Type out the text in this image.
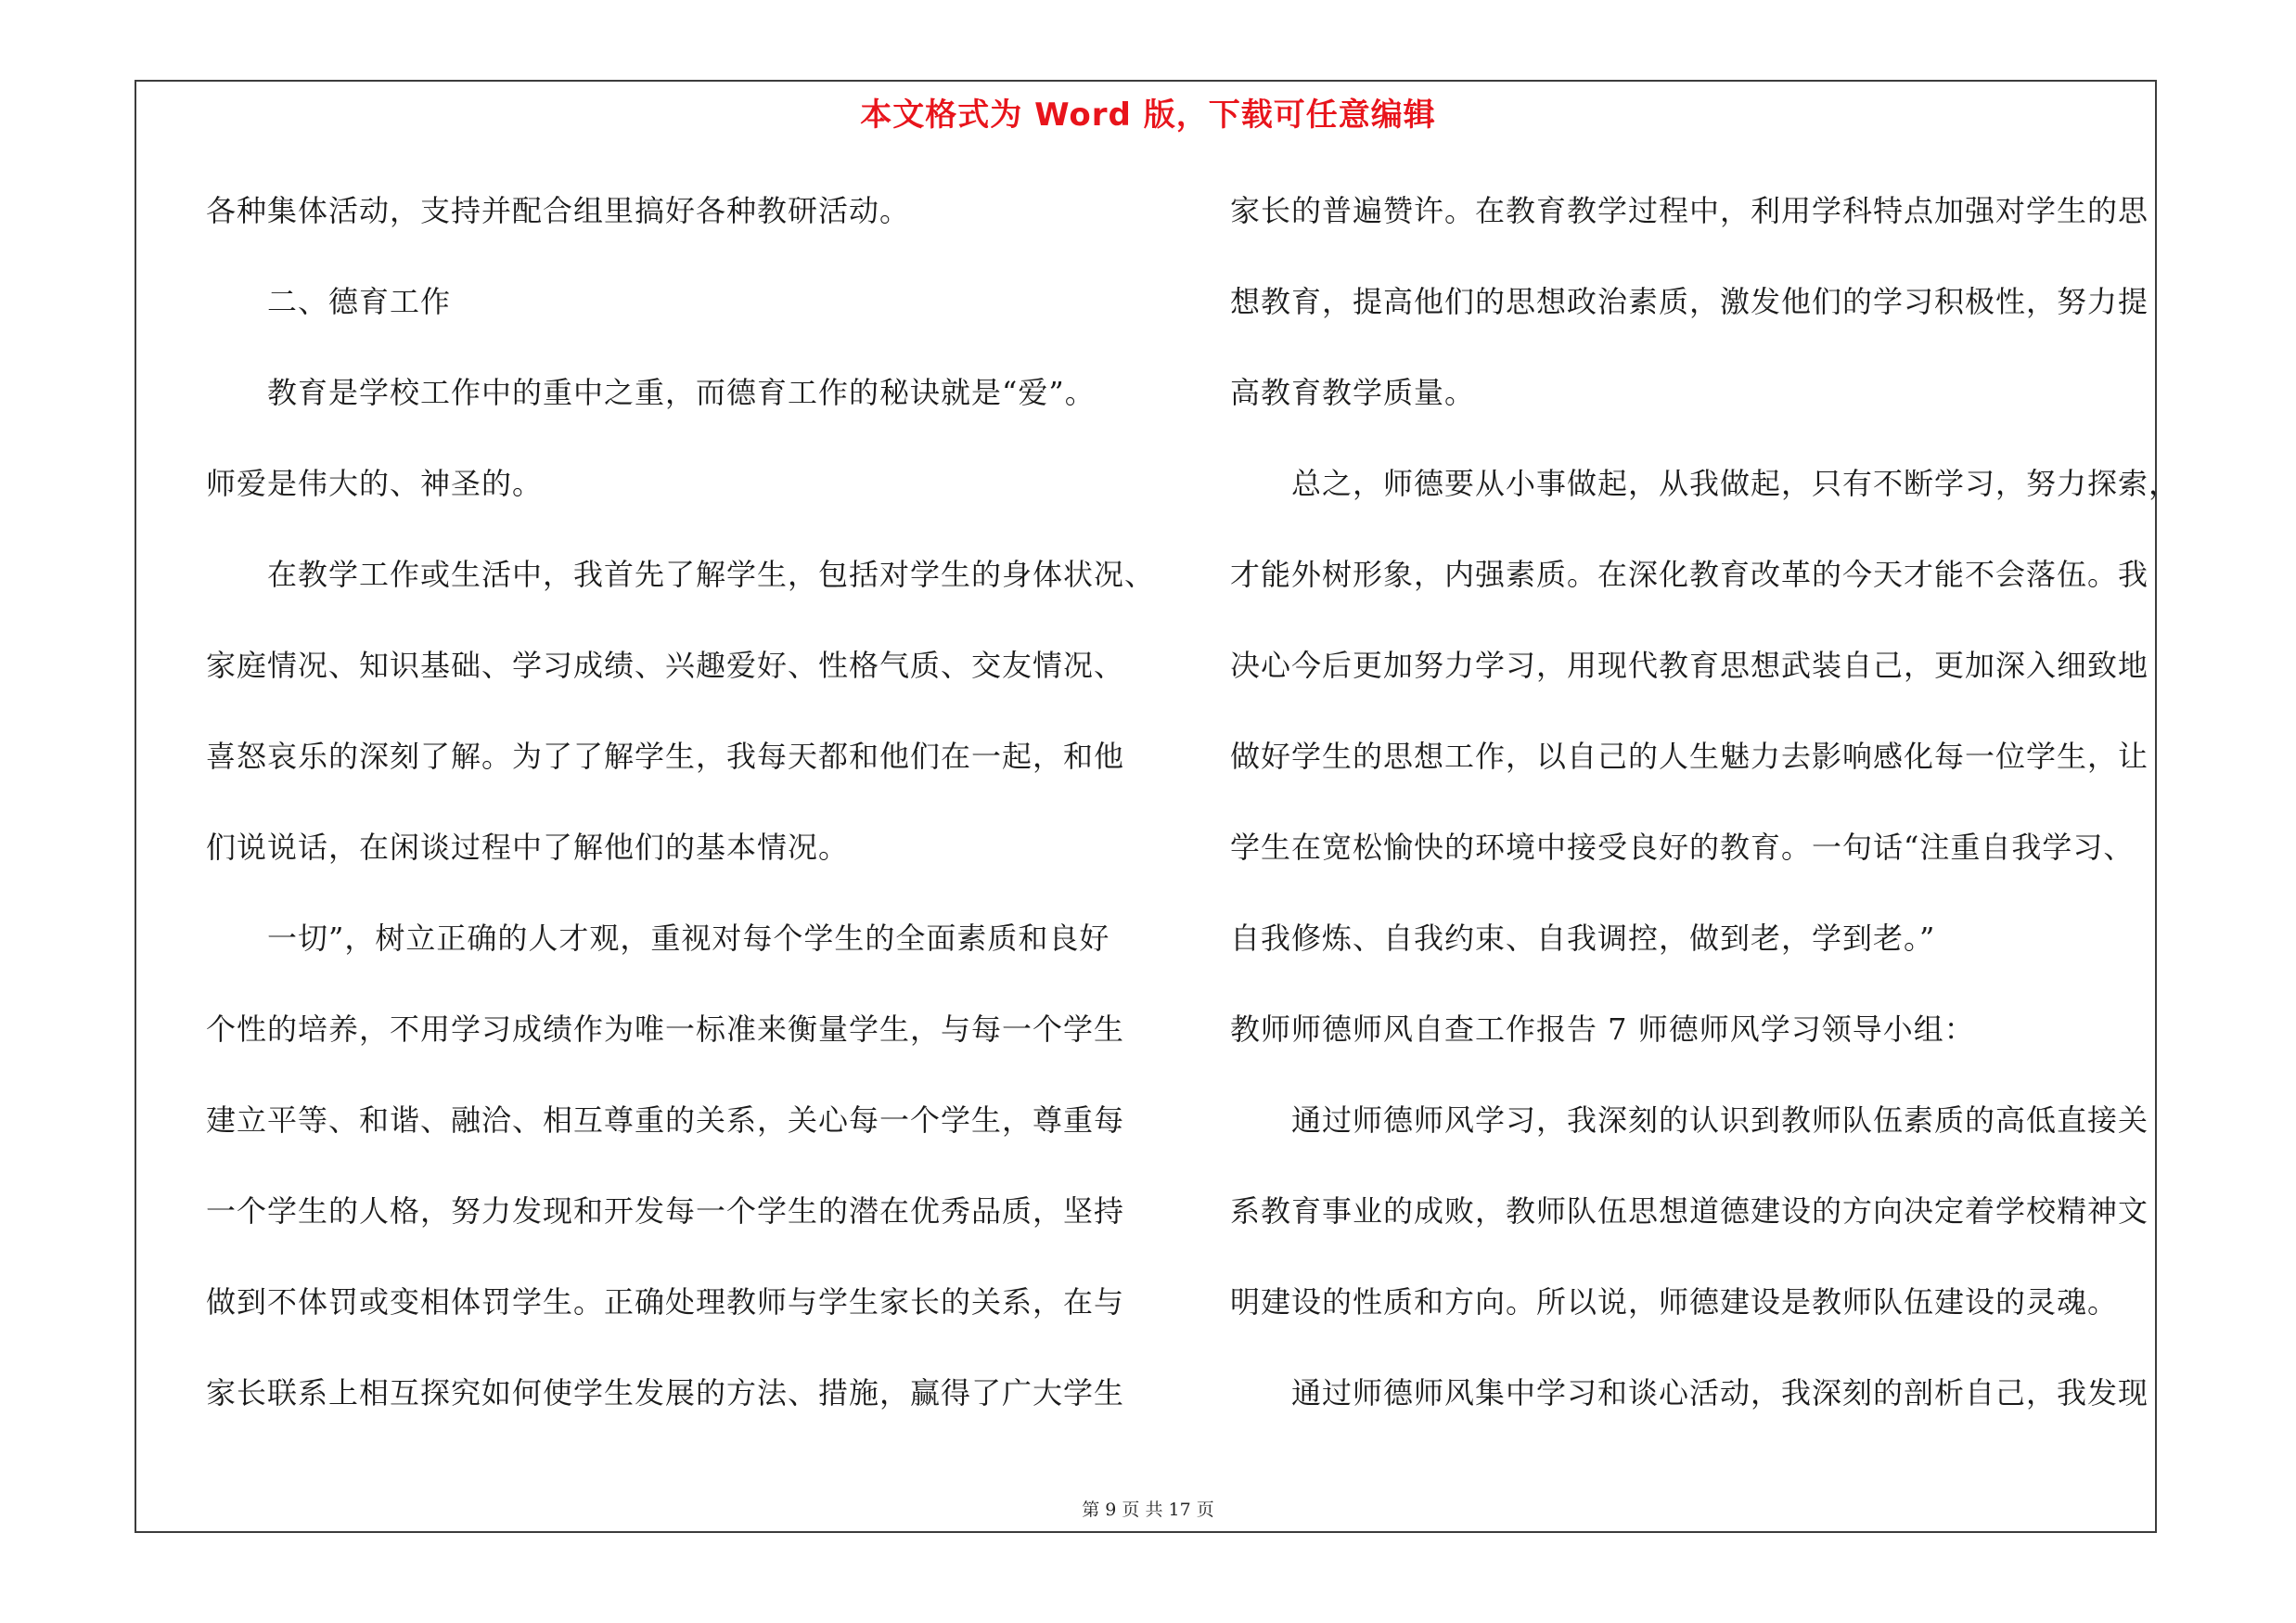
本文格式为 Word 版，下载可任意编辑
各种集体活动，支持并配合组里搞好各种教研活动。
二、德育工作
教育是学校工作中的重中之重，而德育工作的秘诀就是“爱”。
师爱是伟大的、神圣的。
在教学工作或生活中，我首先了解学生，包括对学生的身体状况、
家庭情况、知识基础、学习成绩、兴趣爱好、性格气质、交友情况、
喜怒哀乐的深刻了解。为了了解学生，我每天都和他们在一起，和他
们说说话，在闲谈过程中了解他们的基本情况。
一切”，树立正确的人才观，重视对每个学生的全面素质和良好
个性的培养，不用学习成绩作为唯一标准来衡量学生，与每一个学生
建立平等、和谐、融洽、相互尊重的关系，关心每一个学生，尊重每
一个学生的人格，努力发现和开发每一个学生的潜在优秀品质，坚持
做到不体罚或变相体罚学生。正确处理教师与学生家长的关系，在与
家长联系上相互探究如何使学生发展的方法、措施，赢得了广大学生
家长的普遍赞许。在教育教学过程中，利用学科特点加强对学生的思
想教育，提高他们的思想政治素质，激发他们的学习积极性，努力提
高教育教学质量。
总之，师德要从小事做起，从我做起，只有不断学习，努力探索，
才能外树形象，内强素质。在深化教育改革的今天才能不会落伍。我
决心今后更加努力学习，用现代教育思想武装自己，更加深入细致地
做好学生的思想工作，以自己的人生魅力去影响感化每一位学生，让
学生在宽松愉快的环境中接受良好的教育。一句话“注重自我学习、
自我修炼、自我约束、自我调控，做到老，学到老。”
教师师德师风自查工作报告 7 师德师风学习领导小组：
通过师德师风学习，我深刻的认识到教师队伍素质的高低直接关
系教育事业的成败，教师队伍思想道德建设的方向决定着学校精神文
明建设的性质和方向。所以说，师德建设是教师队伍建设的灵魂。
通过师德师风集中学习和谈心活动，我深刻的剖析自己，我发现
第 9 页 共 17 页
